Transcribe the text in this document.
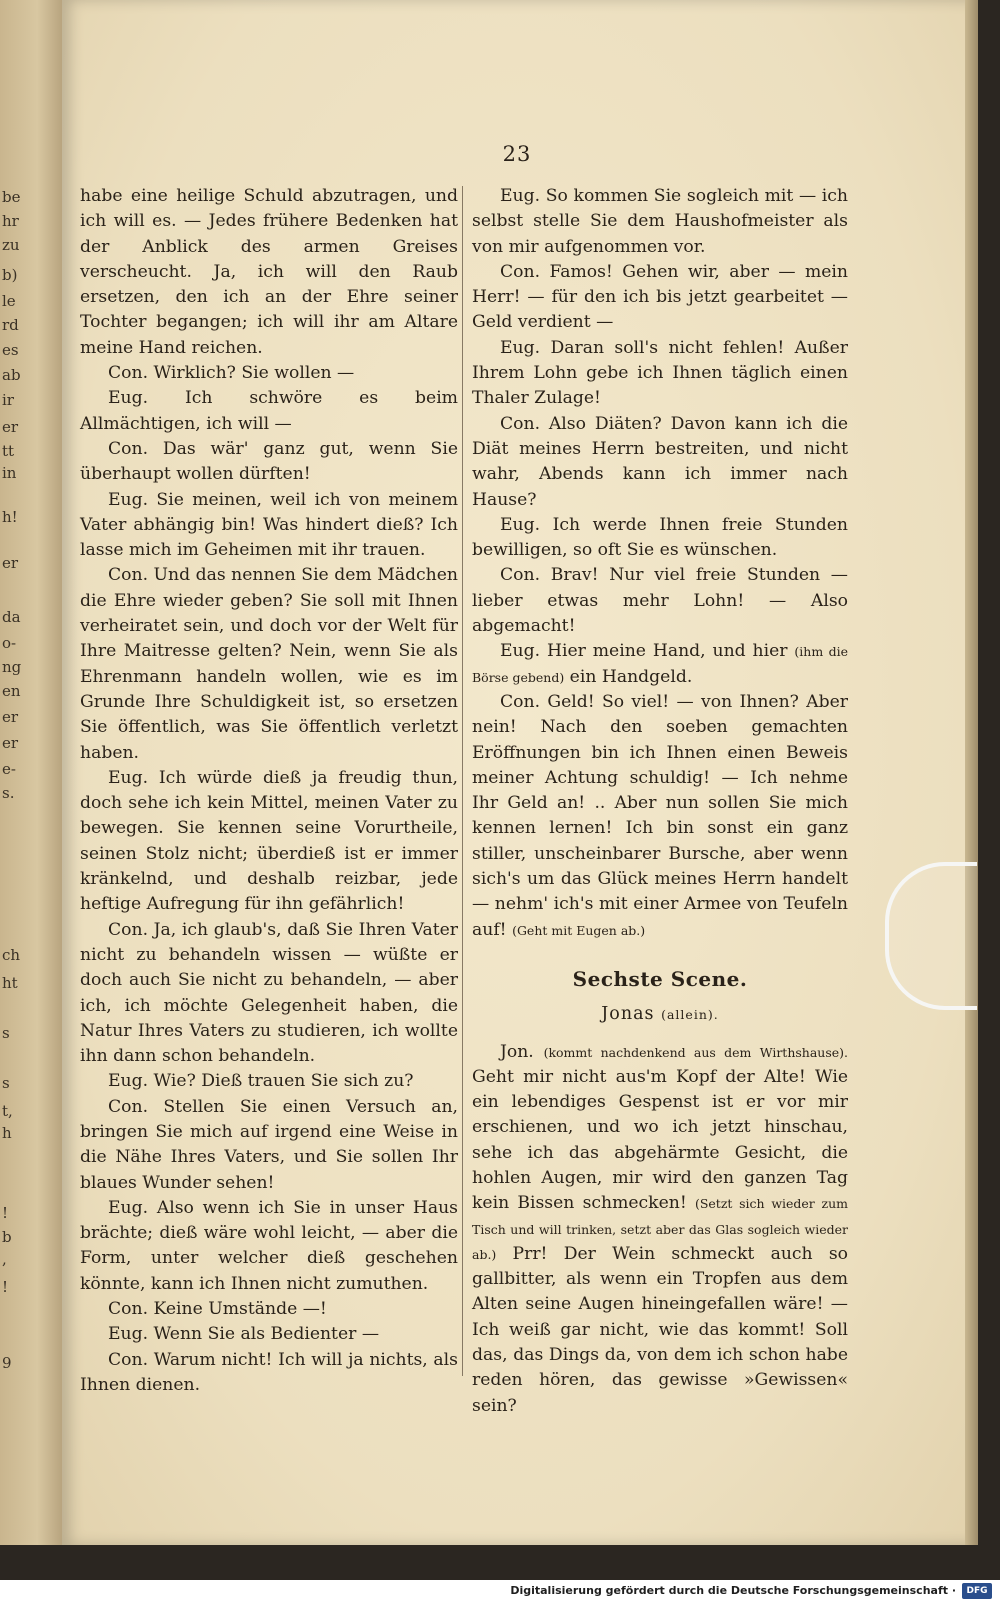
be
hr
zu
b)
le
rd
es
ab
ir
er
tt
in
h!
er
da
o-
ng
en
er
er
e-
s.
ch
ht
s
s
t,
h
!
b
,
!
9
23

habe eine heilige Schuld abzutragen, und ich will es. — Jedes frühere Bedenken hat der Anblick des armen Greises verscheucht. Ja, ich will den Raub ersetzen, den ich an der Ehre seiner Tochter begangen; ich will ihr am Altare meine Hand reichen.

Con. Wirklich? Sie wollen —

Eug. Ich schwöre es beim Allmächtigen, ich will —

Con. Das wär' ganz gut, wenn Sie überhaupt wollen dürften!

Eug. Sie meinen, weil ich von meinem Vater abhängig bin! Was hindert dieß? Ich lasse mich im Geheimen mit ihr trauen.

Con. Und das nennen Sie dem Mädchen die Ehre wieder geben? Sie soll mit Ihnen verheiratet sein, und doch vor der Welt für Ihre Maitresse gelten? Nein, wenn Sie als Ehrenmann handeln wollen, wie es im Grunde Ihre Schuldigkeit ist, so ersetzen Sie öffentlich, was Sie öffentlich verletzt haben.

Eug. Ich würde dieß ja freudig thun, doch sehe ich kein Mittel, meinen Vater zu bewegen. Sie kennen seine Vorurtheile, seinen Stolz nicht; überdieß ist er immer kränkelnd, und deshalb reizbar, jede heftige Aufregung für ihn gefährlich!

Con. Ja, ich glaub's, daß Sie Ihren Vater nicht zu behandeln wissen — wüßte er doch auch Sie nicht zu behandeln, — aber ich, ich möchte Gelegenheit haben, die Natur Ihres Vaters zu studieren, ich wollte ihn dann schon behandeln.

Eug. Wie? Dieß trauen Sie sich zu?

Con. Stellen Sie einen Versuch an, bringen Sie mich auf irgend eine Weise in die Nähe Ihres Vaters, und Sie sollen Ihr blaues Wunder sehen!

Eug. Also wenn ich Sie in unser Haus brächte; dieß wäre wohl leicht, — aber die Form, unter welcher dieß geschehen könnte, kann ich Ihnen nicht zumuthen.

Con. Keine Umstände —!

Eug. Wenn Sie als Bedienter —

Con. Warum nicht! Ich will ja nichts, als Ihnen dienen.

Eug. So kommen Sie sogleich mit — ich selbst stelle Sie dem Haushofmeister als von mir aufgenommen vor.

Con. Famos! Gehen wir, aber — mein Herr! — für den ich bis jetzt gearbeitet — Geld verdient —

Eug. Daran soll's nicht fehlen! Außer Ihrem Lohn gebe ich Ihnen täglich einen Thaler Zulage!

Con. Also Diäten? Davon kann ich die Diät meines Herrn bestreiten, und nicht wahr, Abends kann ich immer nach Hause?

Eug. Ich werde Ihnen freie Stunden bewilligen, so oft Sie es wünschen.

Con. Brav! Nur viel freie Stunden — lieber etwas mehr Lohn! — Also abgemacht!

Eug. Hier meine Hand, und hier (ihm die Börse gebend) ein Handgeld.

Con. Geld! So viel! — von Ihnen? Aber nein! Nach den soeben gemachten Eröffnungen bin ich Ihnen einen Beweis meiner Achtung schuldig! — Ich nehme Ihr Geld an! .. Aber nun sollen Sie mich kennen lernen! Ich bin sonst ein ganz stiller, unscheinbarer Bursche, aber wenn sich's um das Glück meines Herrn handelt — nehm' ich's mit einer Armee von Teufeln auf! (Geht mit Eugen ab.)

Sechste Scene.
Jonas (allein).

Jon. (kommt nachdenkend aus dem Wirthshause). Geht mir nicht aus'm Kopf der Alte! Wie ein lebendiges Gespenst ist er vor mir erschienen, und wo ich jetzt hinschau, sehe ich das abgehärmte Gesicht, die hohlen Augen, mir wird den ganzen Tag kein Bissen schmecken! (Setzt sich wieder zum Tisch und will trinken, setzt aber das Glas sogleich wieder ab.) Prr! Der Wein schmeckt auch so gallbitter, als wenn ein Tropfen aus dem Alten seine Augen hineingefallen wäre! — Ich weiß gar nicht, wie das kommt! Soll das, das Dings da, von dem ich schon habe reden hören, das gewisse »Gewissen« sein?

Digitalisierung gefördert durch die Deutsche Forschungsgemeinschaft ·	DFG
